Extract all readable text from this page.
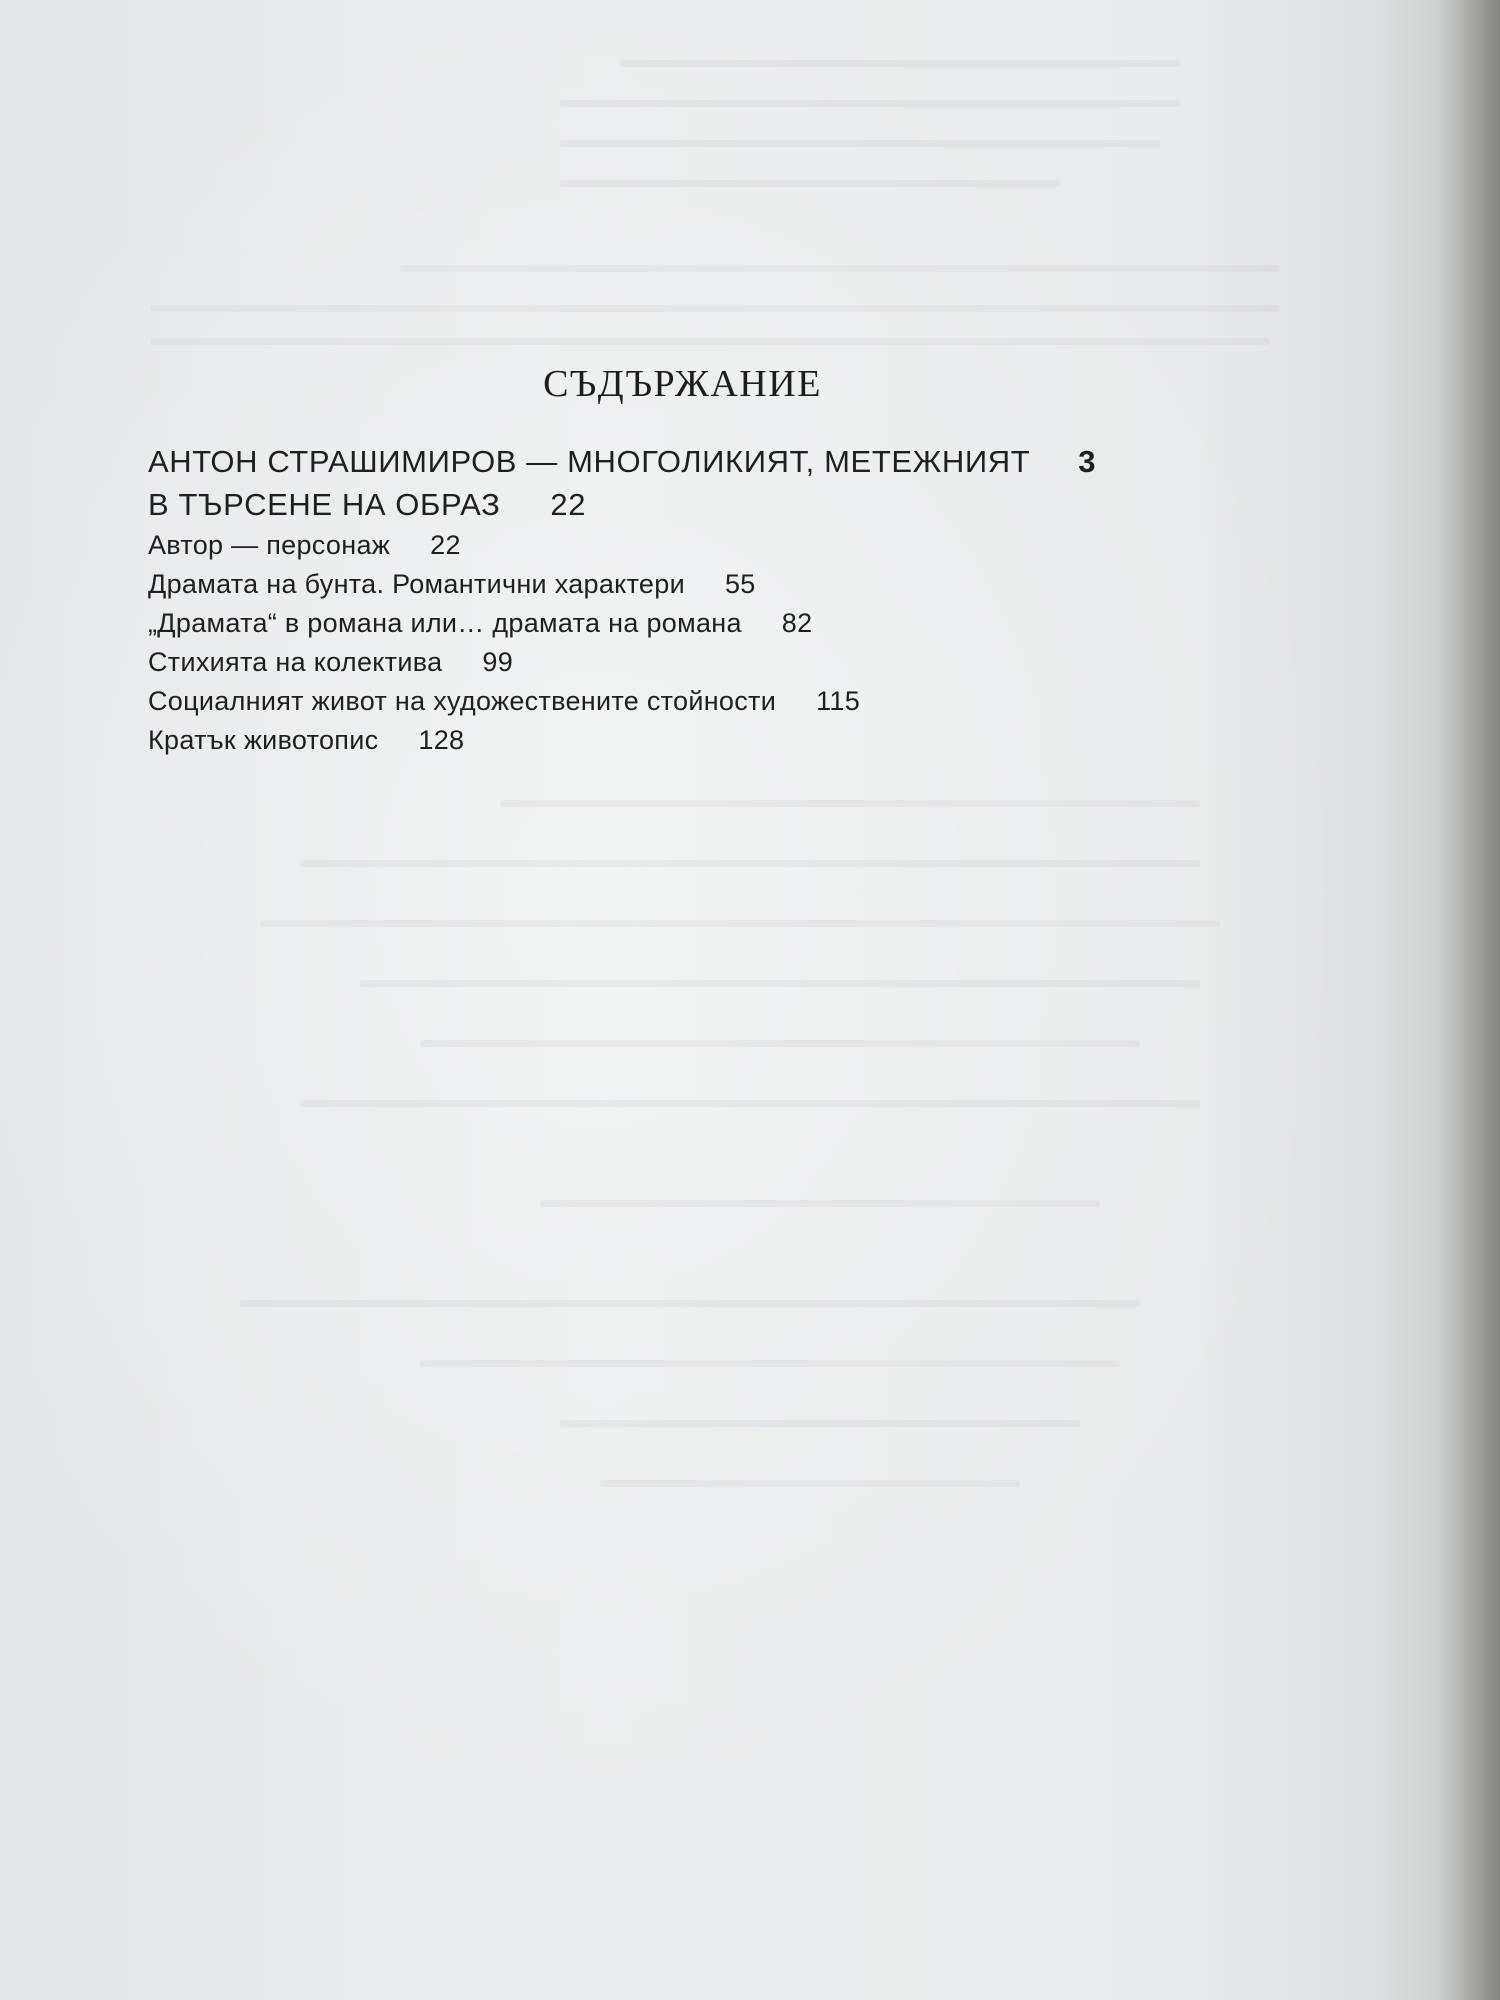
СЪДЪРЖАНИЕ
АНТОН СТРАШИМИРОВ — МНОГОЛИКИЯТ, МЕТЕЖНИЯТ 3
В ТЪРСЕНЕ НА ОБРАЗ 22
Автор — персонаж 22
Драмата на бунта. Романтични характери 55
„Драмата“ в романа или… драмата на романа 82
Стихията на колектива 99
Социалният живот на художествените стойности 115
Кратък животопис 128
